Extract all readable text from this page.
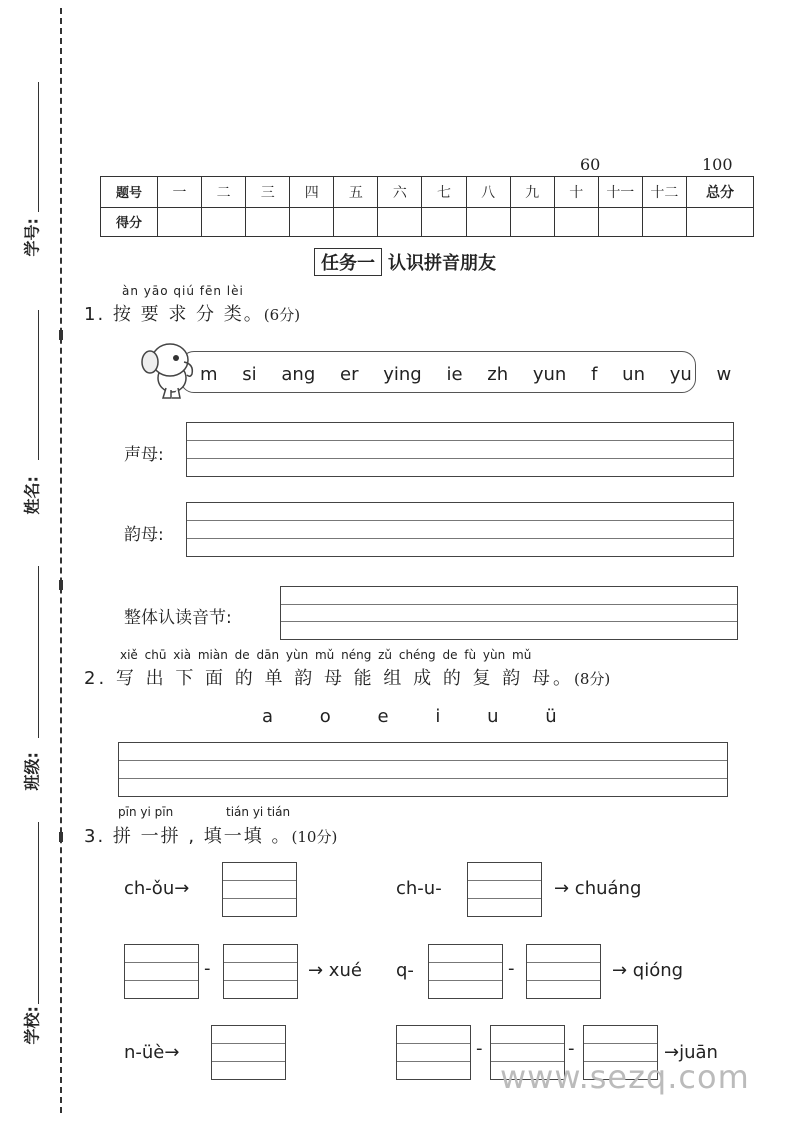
学号:
姓名:
班级:
学校:
60	100
题号	一	二	三	四	五	六	七	八	九	十	十一	十二	总分
得分													
任务一 认识拼音朋友
àn yāo qiú fēn lèi
1. 按 要 求 分 类。(6分)
m si ang er ying ie zh yun f un yu w
声母:
韵母:
整体认读音节:
xiě chū xià miàn de dān yùn mǔ néng zǔ chéng de fù yùn mǔ
2. 写 出 下 面 的 单 韵 母 能 组 成 的 复 韵 母。(8分)
a	o	e	i	u	ü
pīn yi pīn	tián yi tián
3. 拼 一拼 , 填一填 。(10分)
ch-ǒu→	ch-u-	→ chuáng
-	→ xué q-	-	→ qióng
n-üè→	-	-	→juān
www.sezq.com
